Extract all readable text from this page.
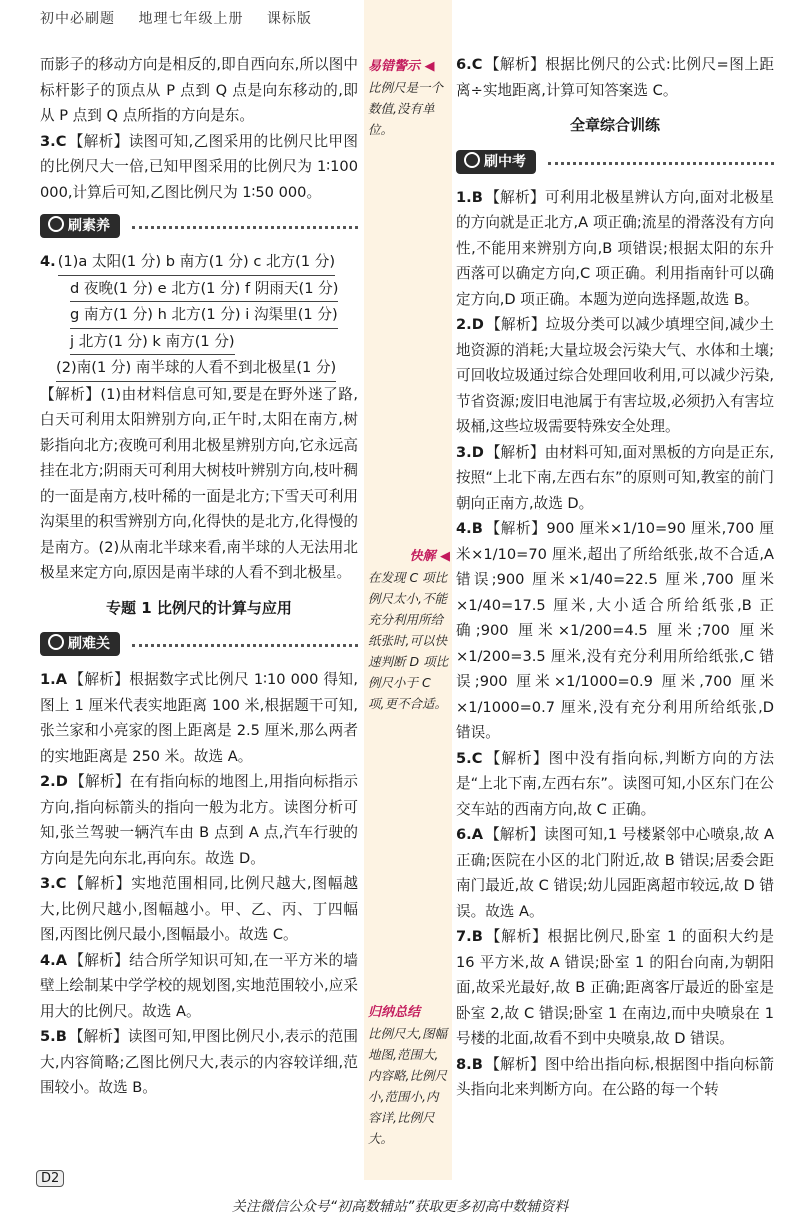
初中必刷题 地理七年级上册 课标版

而影子的移动方向是相反的,即自西向东,所以图中标杆影子的顶点从 P 点到 Q 点是向东移动的,即从 P 点到 Q 点所指的方向是东。

3.C 【解析】读图可知,乙图采用的比例尺比甲图的比例尺大一倍,已知甲图采用的比例尺为 1∶100 000,计算后可知,乙图比例尺为 1∶50 000。

刷素养

4. (1)a 太阳(1 分) b 南方(1 分) c 北方(1 分)

d 夜晚(1 分) e 北方(1 分) f 阴雨天(1 分)

g 南方(1 分) h 北方(1 分) i 沟渠里(1 分)

j 北方(1 分) k 南方(1 分)

(2)南(1 分) 南半球的人看不到北极星(1 分)

【解析】(1)由材料信息可知,要是在野外迷了路,白天可利用太阳辨别方向,正午时,太阳在南方,树影指向北方;夜晚可利用北极星辨别方向,它永远高挂在北方;阴雨天可利用大树枝叶辨别方向,枝叶稠的一面是南方,枝叶稀的一面是北方;下雪天可利用沟渠里的积雪辨别方向,化得快的是北方,化得慢的是南方。(2)从南北半球来看,南半球的人无法用北极星来定方向,原因是南半球的人看不到北极星。

专题 1 比例尺的计算与应用
刷难关

1.A 【解析】根据数字式比例尺 1∶10 000 得知,图上 1 厘米代表实地距离 100 米,根据题干可知,张兰家和小亮家的图上距离是 2.5 厘米,那么两者的实地距离是 250 米。故选 A。

2.D 【解析】在有指向标的地图上,用指向标指示方向,指向标箭头的指向一般为北方。读图分析可知,张兰驾驶一辆汽车由 B 点到 A 点,汽车行驶的方向是先向东北,再向东。故选 D。

3.C 【解析】实地范围相同,比例尺越大,图幅越大,比例尺越小,图幅越小。甲、乙、丙、丁四幅图,丙图比例尺最小,图幅最小。故选 C。

4.A 【解析】结合所学知识可知,在一平方米的墙壁上绘制某中学学校的规划图,实地范围较小,应采用大的比例尺。故选 A。

5.B 【解析】读图可知,甲图比例尺小,表示的范围大,内容简略;乙图比例尺大,表示的内容较详细,范围较小。故选 B。

易错警示 ◀
比例尺是一个数值,没有单位。
快解 ◀
在发现 C 项比例尺太小,不能充分利用所给纸张时,可以快速判断 D 项比例尺小于 C 项,更不合适。
归纳总结
比例尺大,图幅地图,范围大,内容略,比例尺小,范围小,内容详,比例尺大。

6.C 【解析】根据比例尺的公式:比例尺=图上距离÷实地距离,计算可知答案选 C。

全章综合训练
刷中考

1.B 【解析】可利用北极星辨认方向,面对北极星的方向就是正北方,A 项正确;流星的滑落没有方向性,不能用来辨别方向,B 项错误;根据太阳的东升西落可以确定方向,C 项正确。利用指南针可以确定方向,D 项正确。本题为逆向选择题,故选 B。

2.D 【解析】垃圾分类可以减少填埋空间,减少土地资源的消耗;大量垃圾会污染大气、水体和土壤;可回收垃圾通过综合处理回收利用,可以减少污染,节省资源;废旧电池属于有害垃圾,必须扔入有害垃圾桶,这些垃圾需要特殊安全处理。

3.D 【解析】由材料可知,面对黑板的方向是正东,按照“上北下南,左西右东”的原则可知,教室的前门朝向正南方,故选 D。

4.B 【解析】900 厘米×1/10=90 厘米,700 厘米×1/10=70 厘米,超出了所给纸张,故不合适,A 错误;900 厘米×1/40=22.5 厘米,700 厘米×1/40=17.5 厘米,大小适合所给纸张,B 正确;900 厘米×1/200=4.5 厘米;700 厘米×1/200=3.5 厘米,没有充分利用所给纸张,C 错误;900 厘米×1/1000=0.9 厘米,700 厘米×1/1000=0.7 厘米,没有充分利用所给纸张,D 错误。

5.C 【解析】图中没有指向标,判断方向的方法是“上北下南,左西右东”。读图可知,小区东门在公交车站的西南方向,故 C 正确。

6.A 【解析】读图可知,1 号楼紧邻中心喷泉,故 A 正确;医院在小区的北门附近,故 B 错误;居委会距南门最近,故 C 错误;幼儿园距离超市较远,故 D 错误。故选 A。

7.B 【解析】根据比例尺,卧室 1 的面积大约是 16 平方米,故 A 错误;卧室 1 的阳台向南,为朝阳面,故采光最好,故 B 正确;距离客厅最近的卧室是卧室 2,故 C 错误;卧室 1 在南边,而中央喷泉在 1 号楼的北面,故看不到中央喷泉,故 D 错误。

8.B 【解析】图中给出指向标,根据图中指向标箭头指向北来判断方向。在公路的每一个转

D2
关注微信公众号“初高数辅站”获取更多初高中数辅资料
